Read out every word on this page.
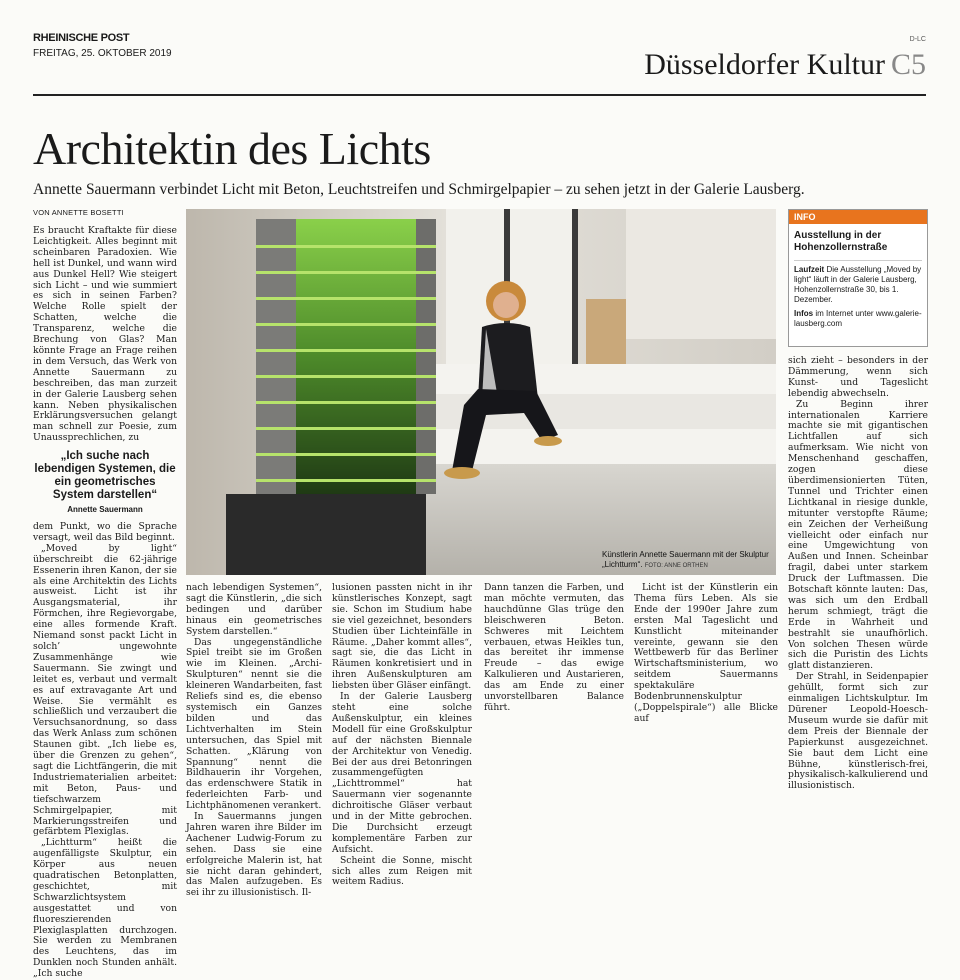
RHEINISCHE POST
FREITAG, 25. OKTOBER 2019
D-LC
Düsseldorfer Kultur C5
Architektin des Lichts
Annette Sauermann verbindet Licht mit Beton, Leuchtstreifen und Schmirgelpapier – zu sehen jetzt in der Galerie Lausberg.
VON ANNETTE BOSETTI

Es braucht Kraftakte für diese Leichtigkeit. Alles beginnt mit scheinbaren Paradoxien. Wie hell ist Dunkel, und wann wird aus Dunkel Hell? Wie steigert sich Licht – und wie summiert es sich in seinen Farben? Welche Rolle spielt der Schatten, welche die Transparenz, welche die Brechung von Glas? Man könnte Frage an Frage reihen in dem Versuch, das Werk von Annette Sauermann zu beschreiben, das man zurzeit in der Galerie Lausberg sehen kann. Neben physikalischen Erklärungsversuchen gelangt man schnell zur Poesie, zum Unaussprechlichen, zu

„Ich suche nach lebendigen Systemen, die ein geometrisches System darstellen“
Annette Sauermann

dem Punkt, wo die Sprache versagt, weil das Bild beginnt.

„Moved by light“ überschreibt die 62-jährige Essenerin ihren Kanon, der sie als eine Architektin des Lichts ausweist. Licht ist ihr Ausgangsmaterial, ihr Förmchen, ihre Regievorgabe, eine alles formende Kraft. Niemand sonst packt Licht in solch’ ungewohnte Zusammenhänge wie Sauermann. Sie zwingt und leitet es, verbaut und vermalt es auf extravagante Art und Weise. Sie vermählt es schließlich und verzaubert die Versuchsanordnung, so dass das Werk Anlass zum schönen Staunen gibt. „Ich liebe es, über die Grenzen zu gehen“, sagt die Lichtfängerin, die mit Industriematerialien arbeitet: mit Beton, Paus- und tiefschwarzem Schmirgelpapier, mit Markierungsstreifen und gefärbtem Plexiglas.

„Lichtturm“ heißt die augenfälligste Skulptur, ein Körper aus neuen quadratischen Betonplatten, geschichtet, mit Schwarzlichtsystem ausgestattet und von fluoreszierenden Plexiglasplatten durchzogen. Sie werden zu Membranen des Leuchtens, das im Dunklen noch Stunden anhält. „Ich suche

Künstlerin Annette Sauermann mit der Skulptur „Lichtturm“. FOTO: ANNE ORTHEN
INFO
Ausstellung in der Hohenzollernstraße
Laufzeit Die Ausstellung „Moved by light“ läuft in der Galerie Lausberg, Hohenzollernstraße 30, bis 1. Dezember.
Infos im Internet unter www.galerie-lausberg.com

nach lebendigen Systemen“, sagt die Künstlerin, „die sich bedingen und darüber hinaus ein geometrisches System darstellen.“

Das ungegenständliche Spiel treibt sie im Großen wie im Kleinen. „Archi-Skulpturen“ nennt sie die kleineren Wandarbeiten, fast Reliefs sind es, die ebenso systemisch ein Ganzes bilden und das Lichtverhalten im Stein untersuchen, das Spiel mit Schatten. „Klärung von Spannung“ nennt die Bildhauerin ihr Vorgehen, das erdenschwere Statik in federleichten Farb- und Lichtphänomenen verankert.

In Sauermanns jungen Jahren waren ihre Bilder im Aachener Ludwig-Forum zu sehen. Dass sie eine erfolgreiche Malerin ist, hat sie nicht daran gehindert, das Malen aufzugeben. Es sei ihr zu illusionistisch. Il-

lusionen passten nicht in ihr künstlerisches Konzept, sagt sie. Schon im Studium habe sie viel gezeichnet, besonders Studien über Lichteinfälle in Räume. „Daher kommt alles“, sagt sie, die das Licht in Räumen konkretisiert und in ihren Außenskulpturen am liebsten über Gläser einfängt.

In der Galerie Lausberg steht eine solche Außenskulptur, ein kleines Modell für eine Großskulptur auf der nächsten Biennale der Architektur von Venedig. Bei der aus drei Betonringen zusammengefügten „Lichttrommel“ hat Sauermann vier sogenannte dichroitische Gläser verbaut und in der Mitte gebrochen. Die Durchsicht erzeugt komplementäre Farben zur Aufsicht.

Scheint die Sonne, mischt sich alles zum Reigen mit weitem Radius.

Dann tanzen die Farben, und man möchte vermuten, das hauchdünne Glas trüge den bleischweren Beton. Schweres mit Leichtem verbauen, etwas Heikles tun, das bereitet ihr immense Freude – das ewige Kalkulieren und Austarieren, das am Ende zu einer unvorstellbaren Balance führt.

Licht ist der Künstlerin ein Thema fürs Leben. Als sie Ende der 1990er Jahre zum ersten Mal Tageslicht und Kunstlicht miteinander vereinte, gewann sie den Wettbewerb für das Berliner Wirtschaftsministerium, wo seitdem Sauermanns spektakuläre Bodenbrunnenskulptur („Doppelspirale“) alle Blicke auf

sich zieht – besonders in der Dämmerung, wenn sich Kunst- und Tageslicht lebendig abwechseln.

Zu Beginn ihrer internationalen Karriere machte sie mit gigantischen Lichtfallen auf sich aufmerksam. Wie nicht von Menschenhand geschaffen, zogen diese überdimensionierten Tüten, Tunnel und Trichter einen Lichtkanal in riesige dunkle, mitunter verstopfte Räume; ein Zeichen der Verheißung vielleicht oder einfach nur eine Umgewichtung von Außen und Innen. Scheinbar fragil, dabei unter starkem Druck der Luftmassen. Die Botschaft könnte lauten: Das, was sich um den Erdball herum schmiegt, trägt die Erde in Wahrheit und bestrahlt sie unaufhörlich. Von solchen Thesen würde sich die Puristin des Lichts glatt distanzieren.

Der Strahl, in Seidenpapier gehüllt, formt sich zur einmaligen Lichtskulptur. Im Dürener Leopold-Hoesch-Museum wurde sie dafür mit dem Preis der Biennale der Papierkunst ausgezeichnet. Sie baut dem Licht eine Bühne, künstlerisch-frei, physikalisch-kalkulierend und illusionistisch.
